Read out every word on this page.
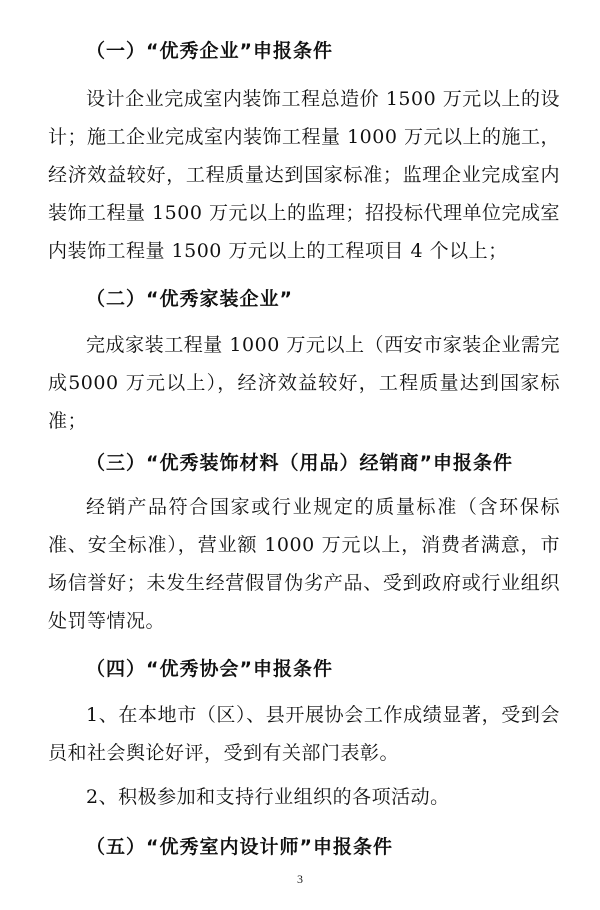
（一）“优秀企业”申报条件

设计企业完成室内装饰工程总造价 1500 万元以上的设计；施工企业完成室内装饰工程量 1000 万元以上的施工，经济效益较好，工程质量达到国家标准；监理企业完成室内装饰工程量 1500 万元以上的监理；招投标代理单位完成室内装饰工程量 1500 万元以上的工程项目 4 个以上；

（二）“优秀家装企业”

完成家装工程量 1000 万元以上（西安市家装企业需完成5000 万元以上），经济效益较好，工程质量达到国家标准；

（三）“优秀装饰材料（用品）经销商”申报条件

经销产品符合国家或行业规定的质量标准（含环保标准、安全标准），营业额 1000 万元以上，消费者满意，市场信誉好；未发生经营假冒伪劣产品、受到政府或行业组织处罚等情况。

（四）“优秀协会”申报条件

1、在本地市（区）、县开展协会工作成绩显著，受到会员和社会舆论好评，受到有关部门表彰。

2、积极参加和支持行业组织的各项活动。

（五）“优秀室内设计师”申报条件
3
